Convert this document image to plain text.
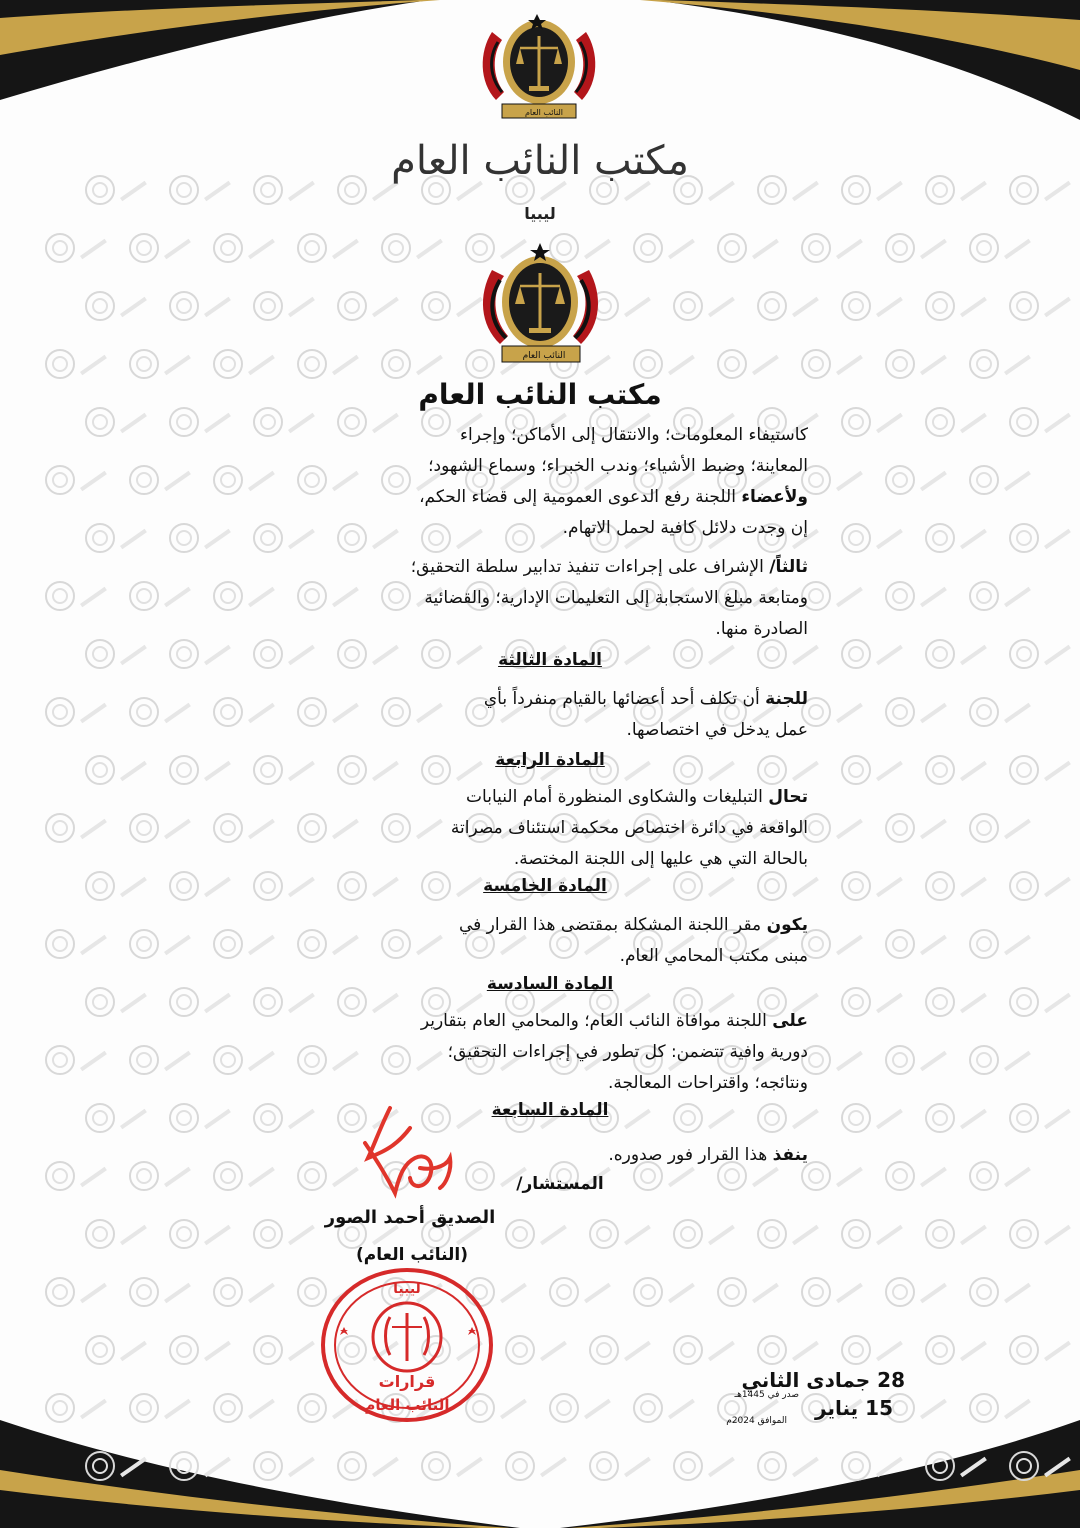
النائب العام
مكتب النائب العام
ليبيا
النائب العام
مكتب النائب العام
كاستيفاء المعلومات؛ والانتقال إلى الأماكن؛ وإجراء
المعاينة؛ وضبط الأشياء؛ وندب الخبراء؛ وسماع الشهود؛
ولأعضاء اللجنة رفع الدعوى العمومية إلى قضاء الحكم،
إن وجدت دلائل كافية لحمل الاتهام.
ثالثاً/ الإشراف على إجراءات تنفيذ تدابير سلطة التحقيق؛
ومتابعة مبلغ الاستجابة إلى التعليمات الإدارية؛ والقضائية
الصادرة منها.
المادة الثالثة
للجنة أن تكلف أحد أعضائها بالقيام منفرداً بأي
عمل يدخل في اختصاصها.
المادة الرابعة
تحال التبليغات والشكاوى المنظورة أمام النيابات
الواقعة في دائرة اختصاص محكمة استئناف مصراتة
بالحالة التي هي عليها إلى اللجنة المختصة.
المادة الخامسة
يكون مقر اللجنة المشكلة بمقتضى هذا القرار في
مبنى مكتب المحامي العام.
المادة السادسة
على اللجنة موافاة النائب العام؛ والمحامي العام بتقارير
دورية وافية تتضمن: كل تطور في إجراءات التحقيق؛
ونتائجه؛ واقتراحات المعالجة.
المادة السابعة
ينفذ هذا القرار فور صدوره.
المستشار/
الصديق أحمد الصور
(النائب العام)
ليبيا
قرارات
النائب العام
28 جمادى الثاني
صدر في 1445هـ
15 يناير
الموافق 2024م
